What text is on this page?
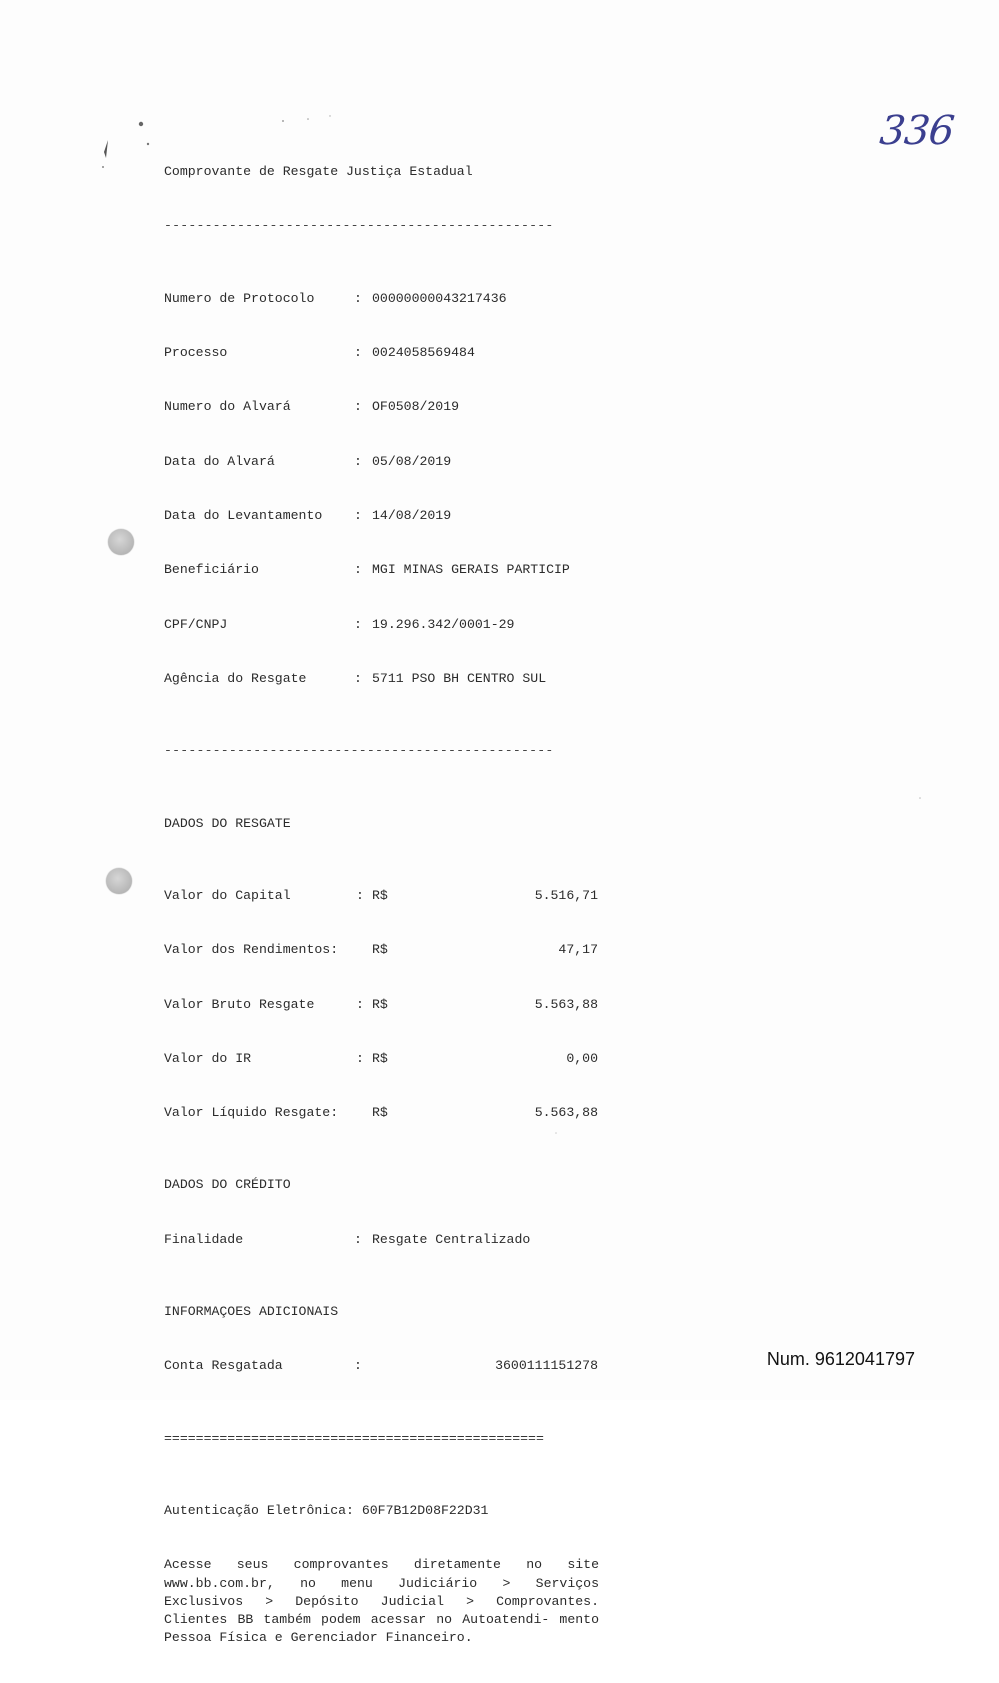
336

Comprovante de Resgate Justiça Estadual

------------------------------------------------

Numero de Protocolo	: 00000000043217436

Processo	: 0024058569484

Numero do Alvará	: OF0508/2019

Data do Alvará	: 05/08/2019

Data do Levantamento : 14/08/2019

Beneficiário	: MGI MINAS GERAIS PARTICIP

CPF/CNPJ	: 19.296.342/0001-29

Agência do Resgate	: 5711 PSO BH CENTRO SUL

------------------------------------------------

DADOS DO RESGATE

Valor do Capital	: R$	5.516,71

Valor dos Rendimentos:	R$	47,17

Valor Bruto Resgate	: R$	5.563,88

Valor do IR	: R$	0,00

Valor Líquido Resgate:	R$	5.563,88

DADOS DO CRÉDITO

Finalidade	: Resgate Centralizado

INFORMAÇOES ADICIONAIS

Conta Resgatada	:	3600111151278

================================================

Autenticação Eletrônica: 60F7B12D08F22D31

Acesse seus comprovantes diretamente no site www.bb.com.br, no menu Judiciário > Serviços Exclusivos > Depósito Judicial > Comprovantes. Clientes BB também podem acessar no Autoatendi- mento Pessoa Física e Gerenciador Financeiro.

Num. 9612041797
